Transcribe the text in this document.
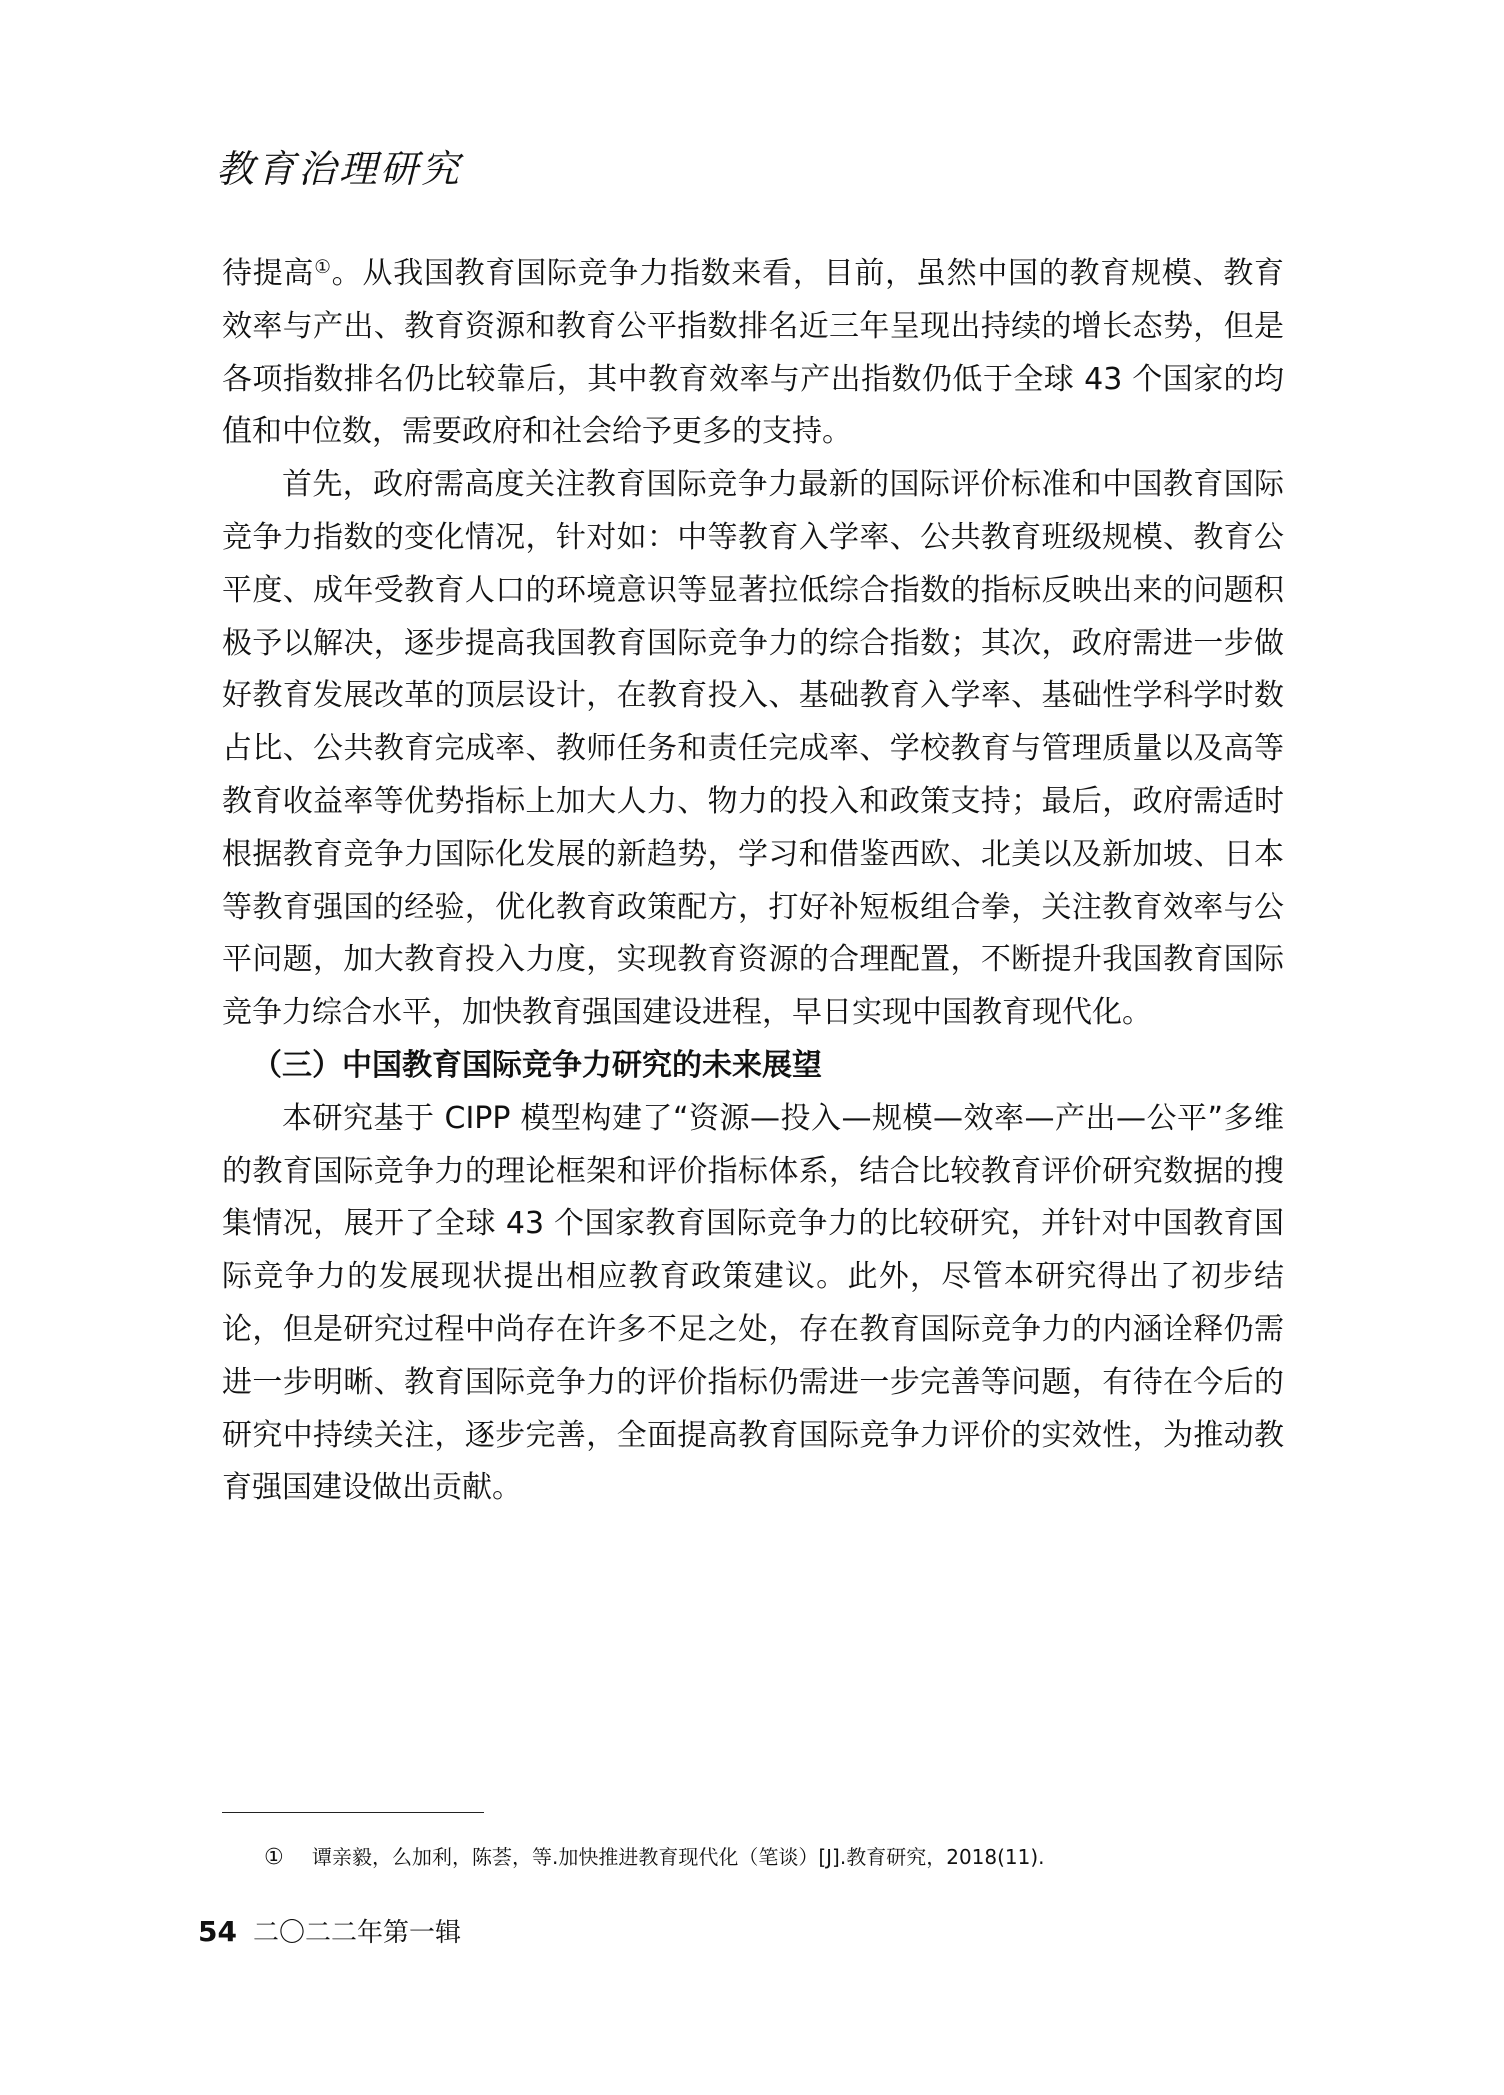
教育治理研究

待提高①。从我国教育国际竞争力指数来看，目前，虽然中国的教育规模、教育效率与产出、教育资源和教育公平指数排名近三年呈现出持续的增长态势，但是各项指数排名仍比较靠后，其中教育效率与产出指数仍低于全球 43 个国家的均值和中位数，需要政府和社会给予更多的支持。

首先，政府需高度关注教育国际竞争力最新的国际评价标准和中国教育国际竞争力指数的变化情况，针对如：中等教育入学率、公共教育班级规模、教育公平度、成年受教育人口的环境意识等显著拉低综合指数的指标反映出来的问题积极予以解决，逐步提高我国教育国际竞争力的综合指数；其次，政府需进一步做好教育发展改革的顶层设计，在教育投入、基础教育入学率、基础性学科学时数占比、公共教育完成率、教师任务和责任完成率、学校教育与管理质量以及高等教育收益率等优势指标上加大人力、物力的投入和政策支持；最后，政府需适时根据教育竞争力国际化发展的新趋势，学习和借鉴西欧、北美以及新加坡、日本等教育强国的经验，优化教育政策配方，打好补短板组合拳，关注教育效率与公平问题，加大教育投入力度，实现教育资源的合理配置，不断提升我国教育国际竞争力综合水平，加快教育强国建设进程，早日实现中国教育现代化。

（三）中国教育国际竞争力研究的未来展望

本研究基于 CIPP 模型构建了“资源—投入—规模—效率—产出—公平”多维的教育国际竞争力的理论框架和评价指标体系，结合比较教育评价研究数据的搜集情况，展开了全球 43 个国家教育国际竞争力的比较研究，并针对中国教育国际竞争力的发展现状提出相应教育政策建议。此外，尽管本研究得出了初步结论，但是研究过程中尚存在许多不足之处，存在教育国际竞争力的内涵诠释仍需进一步明晰、教育国际竞争力的评价指标仍需进一步完善等问题，有待在今后的研究中持续关注，逐步完善，全面提高教育国际竞争力评价的实效性，为推动教育强国建设做出贡献。

① 谭亲毅，么加利，陈荟，等.加快推进教育现代化（笔谈）[J].教育研究，2018(11).
54 二〇二二年第一辑
